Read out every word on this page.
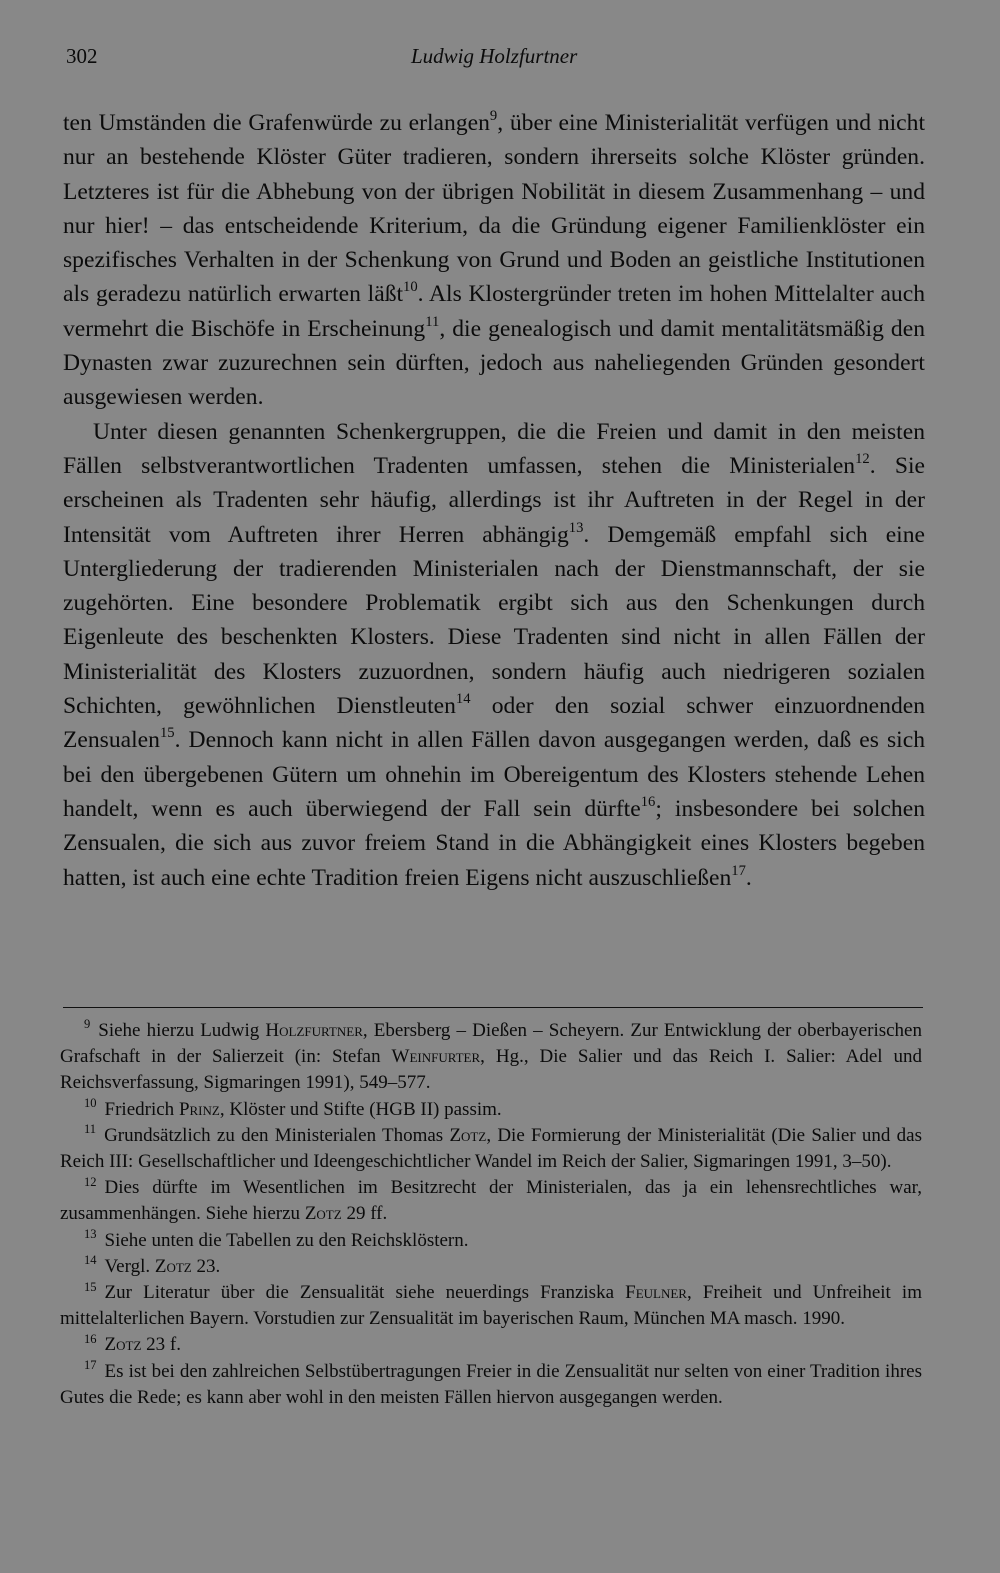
302	Ludwig Holzfurtner

ten Umständen die Grafenwürde zu erlangen$^9$, über eine Ministerialität verfügen und nicht nur an bestehende Klöster Güter tradieren, sondern ihrerseits solche Klöster gründen. Letzteres ist für die Abhebung von der übrigen Nobilität in diesem Zusammenhang – und nur hier! – das entscheidende Kriterium, da die Gründung eigener Familienklöster ein spezifisches Verhalten in der Schenkung von Grund und Boden an geistliche Institutionen als geradezu natürlich erwarten läßt$^{10}$. Als Klostergründer treten im hohen Mittelalter auch vermehrt die Bischöfe in Erscheinung$^{11}$, die genealogisch und damit mentalitätsmäßig den Dynasten zwar zuzurechnen sein dürften, jedoch aus naheliegenden Gründen gesondert ausgewiesen werden.

Unter diesen genannten Schenkergruppen, die die Freien und damit in den meisten Fällen selbstverantwortlichen Tradenten umfassen, stehen die Ministerialen$^{12}$. Sie erscheinen als Tradenten sehr häufig, allerdings ist ihr Auftreten in der Regel in der Intensität vom Auftreten ihrer Herren abhängig$^{13}$. Demgemäß empfahl sich eine Untergliederung der tradierenden Ministerialen nach der Dienstmannschaft, der sie zugehörten. Eine besondere Problematik ergibt sich aus den Schenkungen durch Eigenleute des beschenkten Klosters. Diese Tradenten sind nicht in allen Fällen der Ministerialität des Klosters zuzuordnen, sondern häufig auch niedrigeren sozialen Schichten, gewöhnlichen Dienstleuten$^{14}$ oder den sozial schwer einzuordnenden Zensualen$^{15}$. Dennoch kann nicht in allen Fällen davon ausgegangen werden, daß es sich bei den übergebenen Gütern um ohnehin im Obereigentum des Klosters stehende Lehen handelt, wenn es auch überwiegend der Fall sein dürfte$^{16}$; insbesondere bei solchen Zensualen, die sich aus zuvor freiem Stand in die Abhängigkeit eines Klosters begeben hatten, ist auch eine echte Tradition freien Eigens nicht auszuschließen$^{17}$.

$^9$ Siehe hierzu Ludwig Holzfurtner, Ebersberg – Dießen – Scheyern. Zur Entwicklung der oberbayerischen Grafschaft in der Salierzeit (in: Stefan Weinfurter, Hg., Die Salier und das Reich I. Salier: Adel und Reichsverfassung, Sigmaringen 1991), 549–577.

$^{10}$ Friedrich Prinz, Klöster und Stifte (HGB II) passim.

$^{11}$ Grundsätzlich zu den Ministerialen Thomas Zotz, Die Formierung der Ministerialität (Die Salier und das Reich III: Gesellschaftlicher und Ideengeschichtlicher Wandel im Reich der Salier, Sigmaringen 1991, 3–50).

$^{12}$ Dies dürfte im Wesentlichen im Besitzrecht der Ministerialen, das ja ein lehensrechtliches war, zusammenhängen. Siehe hierzu Zotz 29 ff.

$^{13}$ Siehe unten die Tabellen zu den Reichsklöstern.

$^{14}$ Vergl. Zotz 23.

$^{15}$ Zur Literatur über die Zensualität siehe neuerdings Franziska Feulner, Freiheit und Unfreiheit im mittelalterlichen Bayern. Vorstudien zur Zensualität im bayerischen Raum, München MA masch. 1990.

$^{16}$ Zotz 23 f.

$^{17}$ Es ist bei den zahlreichen Selbstübertragungen Freier in die Zensualität nur selten von einer Tradition ihres Gutes die Rede; es kann aber wohl in den meisten Fällen hiervon ausgegangen werden.
